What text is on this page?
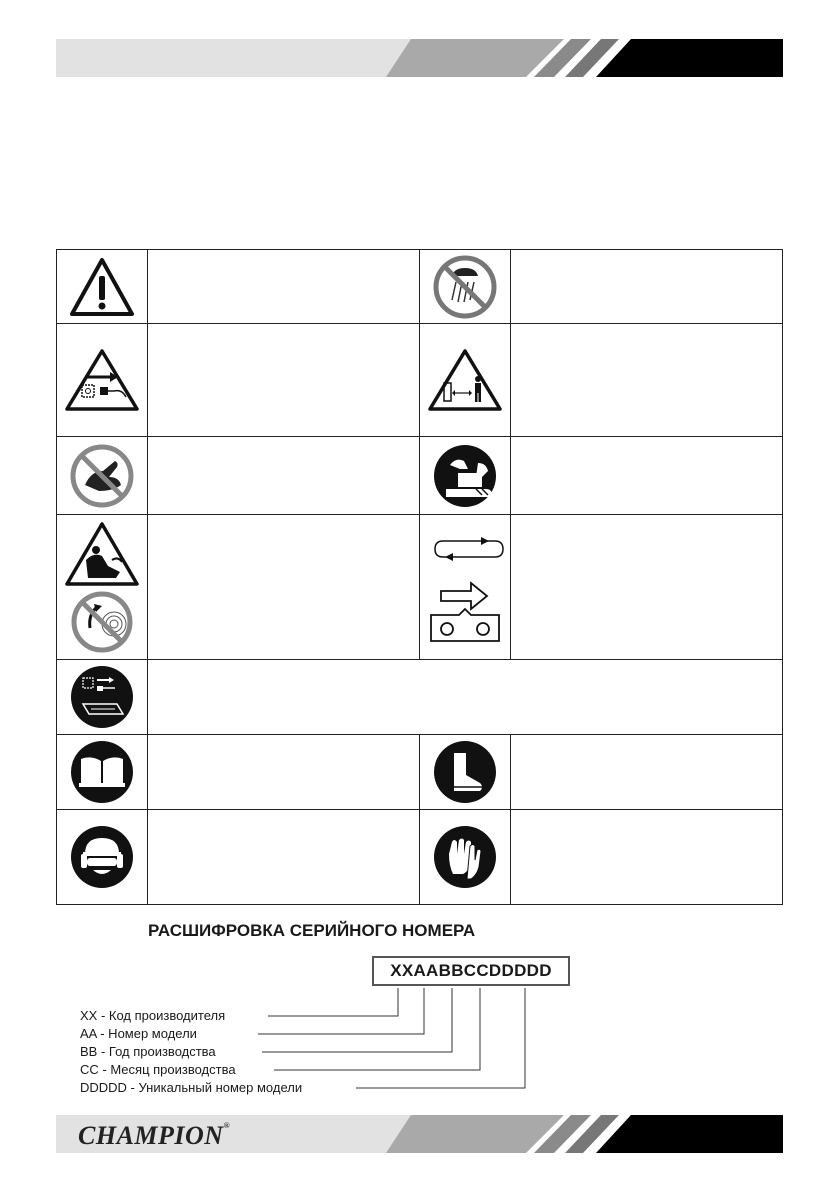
РАСШИФРОВКА СЕРИЙНОГО НОМЕРА
XXAABBCCDDDDD
XX - Код производителя
AA - Номер модели
BB - Год производства
CC - Месяц производства
DDDDD - Уникальный номер модели
CHAMPION®
